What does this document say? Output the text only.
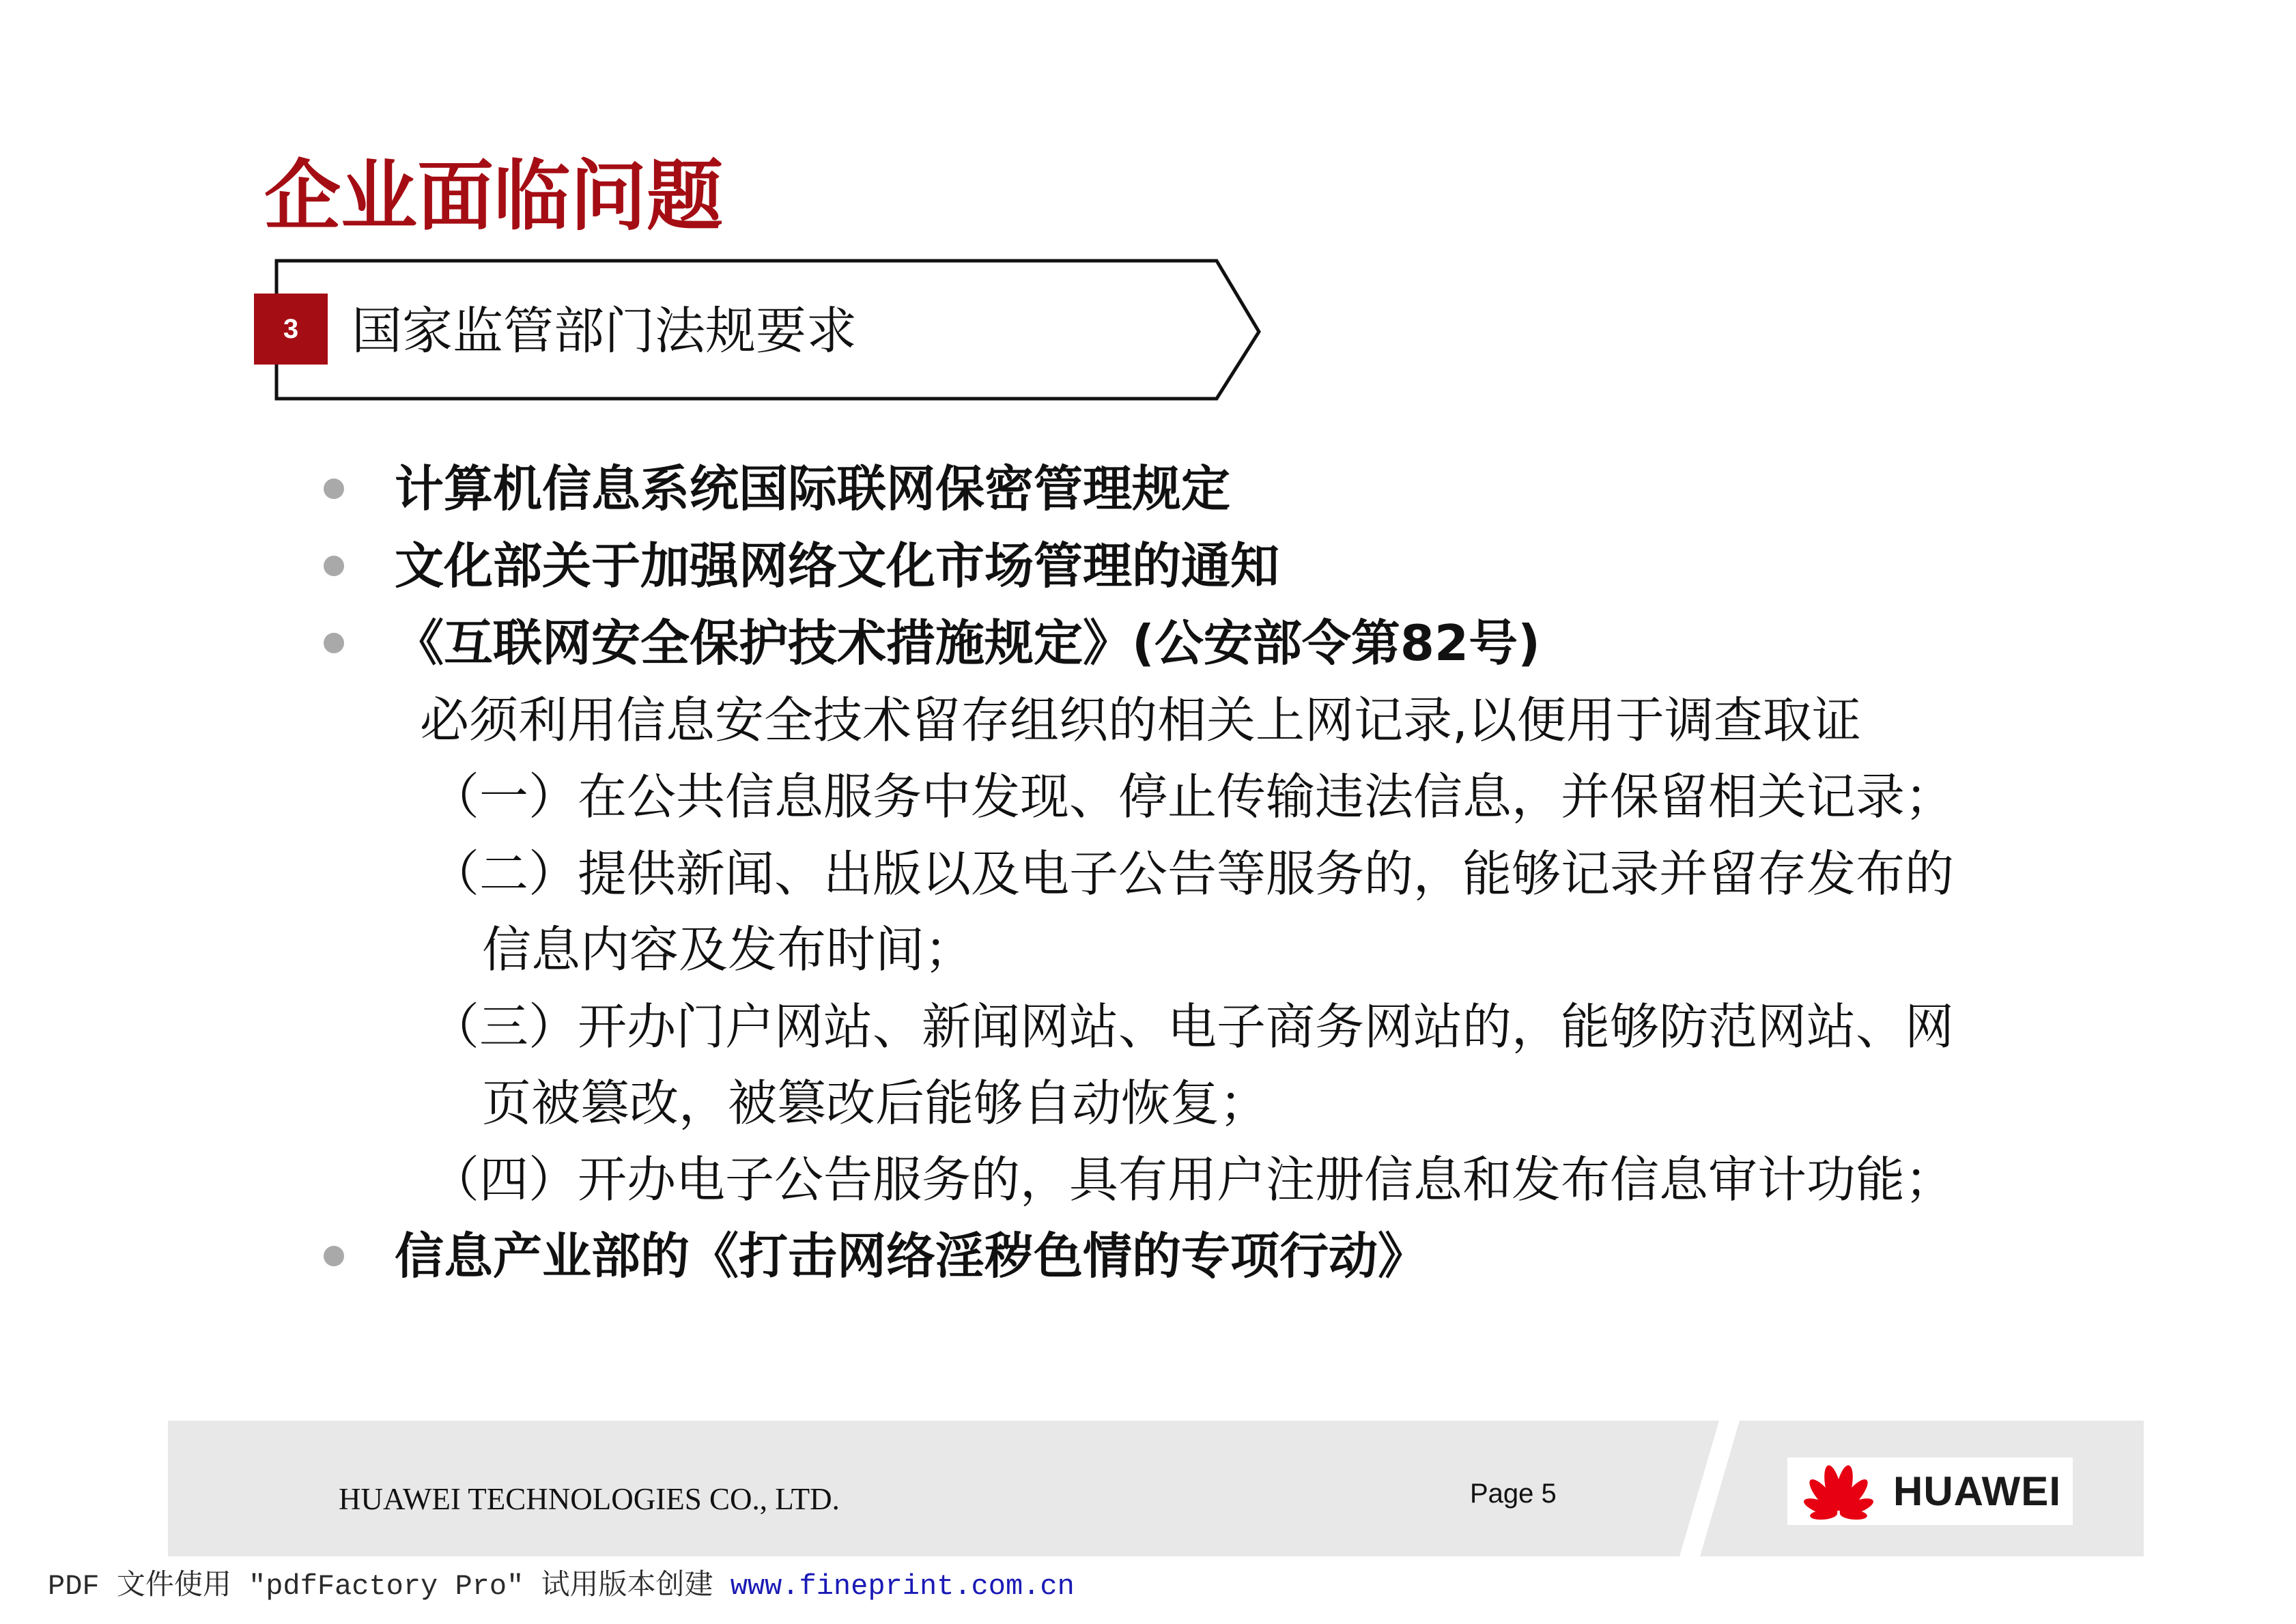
企业面临问题
3	国家监管部门法规要求
计算机信息系统国际联网保密管理规定
文化部关于加强网络文化市场管理的通知
《互联网安全保护技术措施规定》(公安部令第82号)
必须利用信息安全技术留存组织的相关上网记录,以便用于调查取证
（一）在公共信息服务中发现、停止传输违法信息，并保留相关记录；
（二）提供新闻、出版以及电子公告等服务的，能够记录并留存发布的
信息内容及发布时间；
（三）开办门户网站、新闻网站、电子商务网站的，能够防范网站、网
页被篡改，被篡改后能够自动恢复；
（四）开办电子公告服务的，具有用户注册信息和发布信息审计功能；
信息产业部的《打击网络淫秽色情的专项行动》
HUAWEI TECHNOLOGIES CO., LTD.	Page 5	HUAWEI
PDF 文件使用 "pdfFactory Pro" 试用版本创建 www.fineprint.com.cn
